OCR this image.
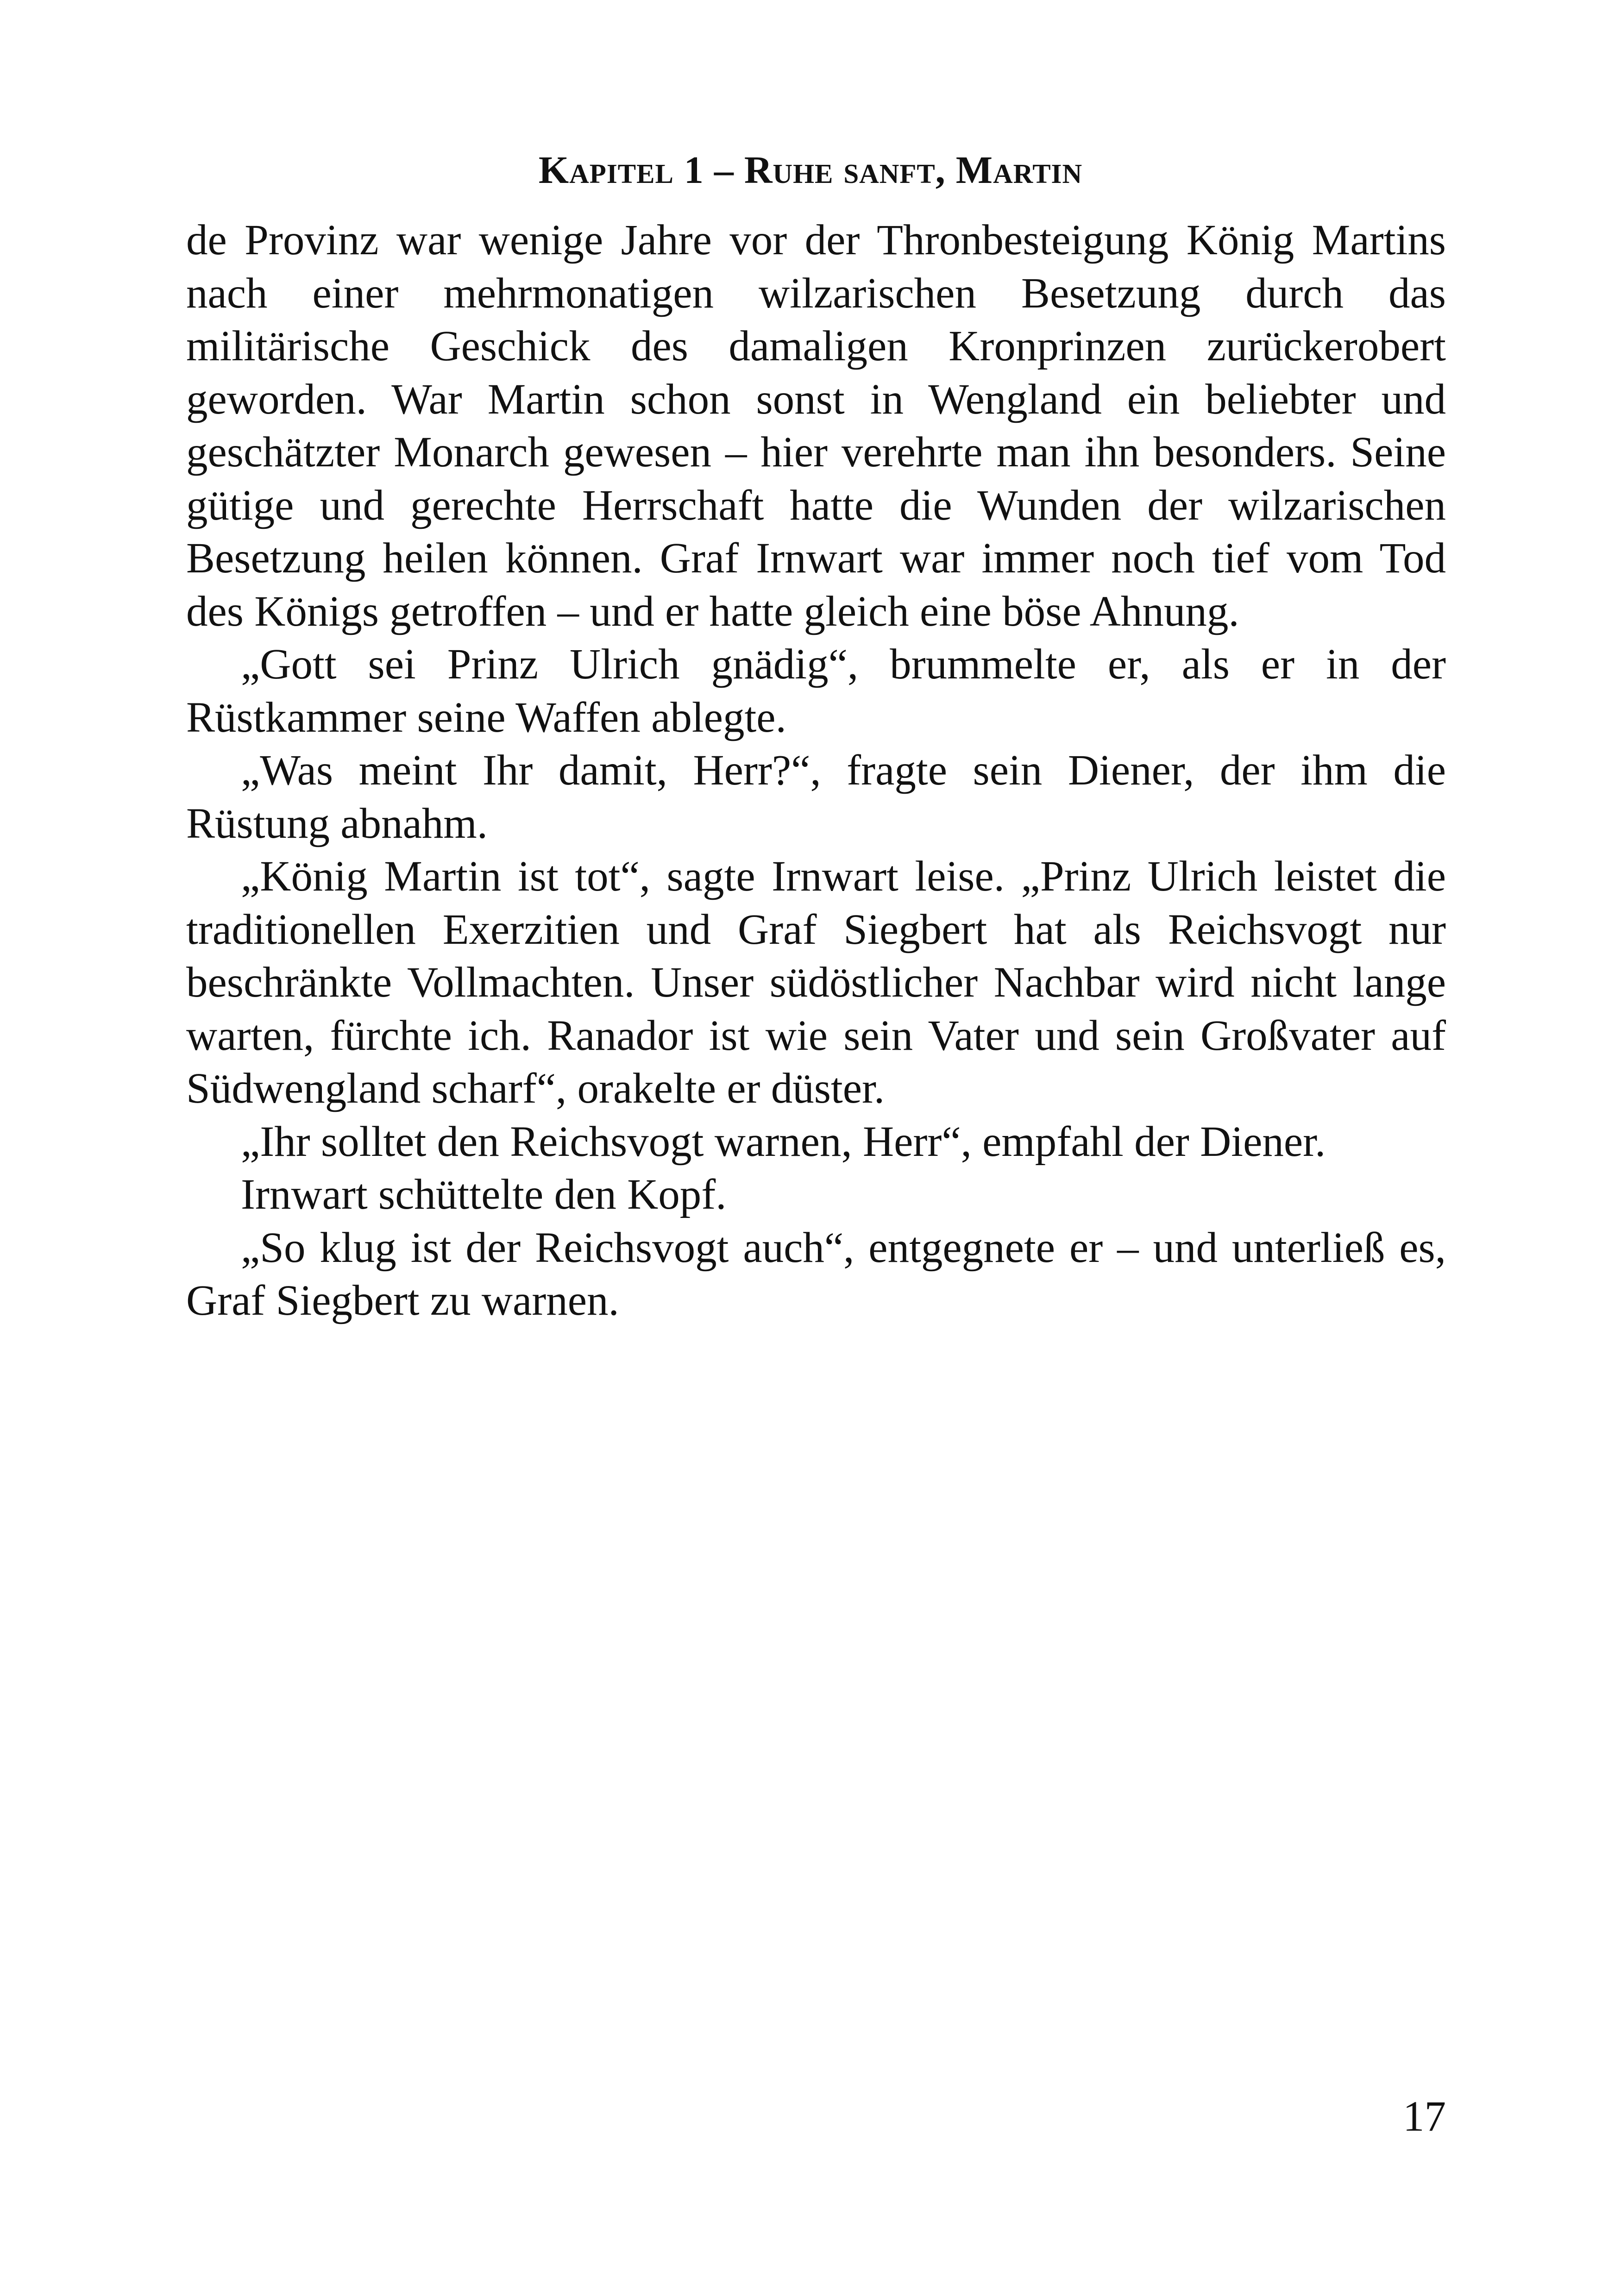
Kapitel 1 – Ruhe sanft, Martin

de Provinz war wenige Jahre vor der Thronbesteigung König Martins nach einer mehrmonatigen wilzarischen Besetzung durch das militärische Geschick des damaligen Kronprinzen zurückerobert geworden. War Martin schon sonst in Wengland ein beliebter und geschätzter Monarch gewesen – hier verehrte man ihn besonders. Seine gütige und gerechte Herrschaft hatte die Wunden der wilzarischen Besetzung heilen können. Graf Irnwart war immer noch tief vom Tod des Königs getroffen – und er hatte gleich eine böse Ahnung.

„Gott sei Prinz Ulrich gnädig“, brummelte er, als er in der Rüstkammer seine Waffen ablegte.

„Was meint Ihr damit, Herr?“, fragte sein Diener, der ihm die Rüstung abnahm.

„König Martin ist tot“, sagte Irnwart leise. „Prinz Ulrich leistet die traditionellen Exerzitien und Graf Siegbert hat als Reichsvogt nur beschränkte Vollmachten. Unser südöstlicher Nachbar wird nicht lange warten, fürchte ich. Ranador ist wie sein Vater und sein Großvater auf Südwengland scharf“, orakelte er düster.

„Ihr solltet den Reichsvogt warnen, Herr“, empfahl der Diener.

Irnwart schüttelte den Kopf.

„So klug ist der Reichsvogt auch“, entgegnete er – und unterließ es, Graf Siegbert zu warnen.

17
